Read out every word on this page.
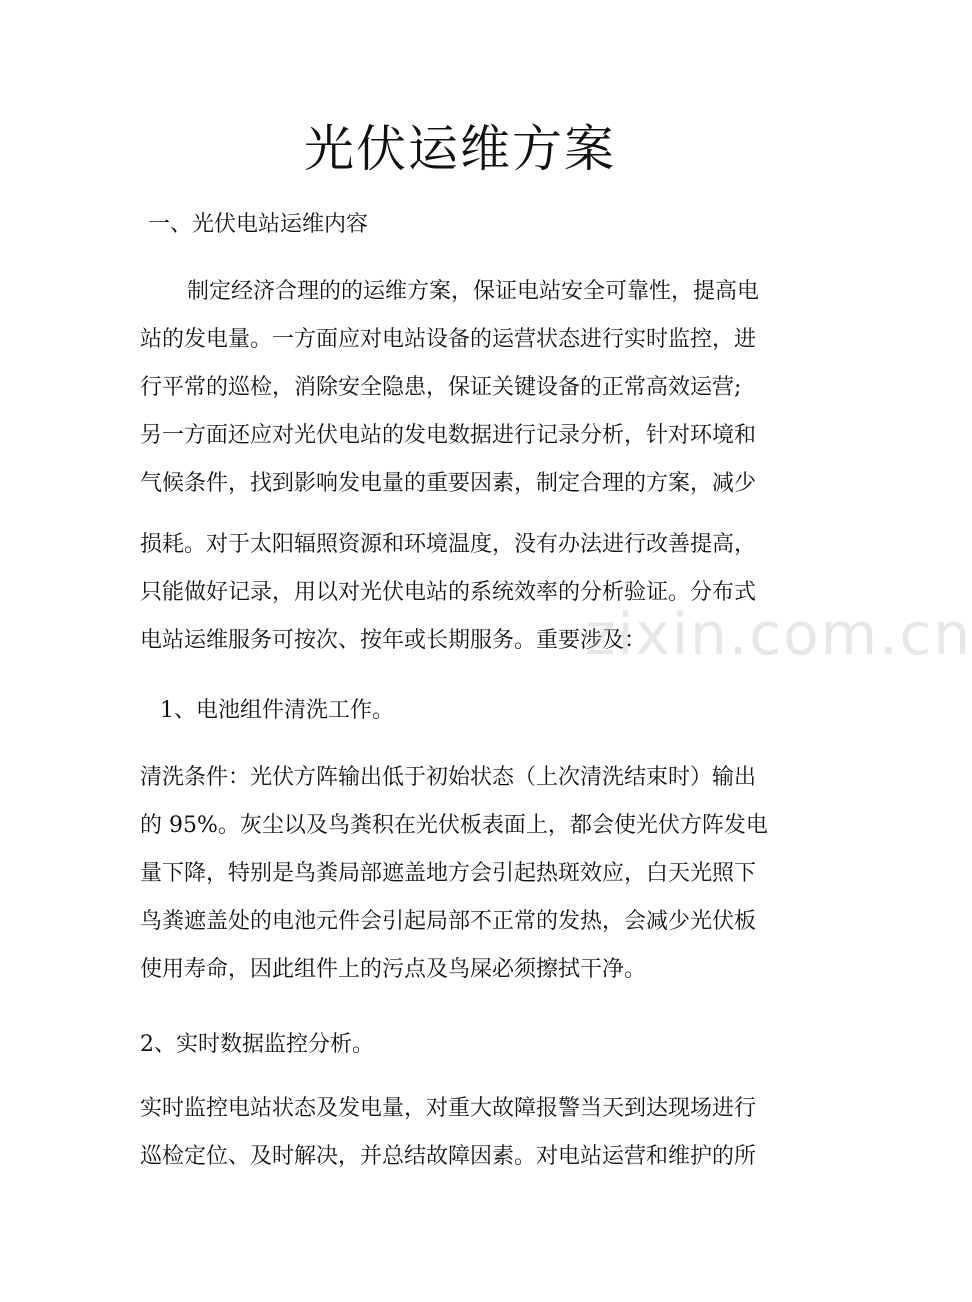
光伏运维方案

一、光伏电站运维内容

制定经济合理的的运维方案，保证电站安全可靠性，提高电

站的发电量。一方面应对电站设备的运营状态进行实时监控，进

行平常的巡检，消除安全隐患，保证关键设备的正常高效运营;

另一方面还应对光伏电站的发电数据进行记录分析，针对环境和

气候条件，找到影响发电量的重要因素，制定合理的方案，减少

损耗。对于太阳辐照资源和环境温度，没有办法进行改善提高，

只能做好记录，用以对光伏电站的系统效率的分析验证。分布式

电站运维服务可按次、按年或长期服务。重要涉及：

1、电池组件清洗工作。

清洗条件：光伏方阵输出低于初始状态（上次清洗结束时）输出

的 95%。灰尘以及鸟粪积在光伏板表面上，都会使光伏方阵发电

量下降，特别是鸟粪局部遮盖地方会引起热斑效应，白天光照下

鸟粪遮盖处的电池元件会引起局部不正常的发热，会减少光伏板

使用寿命，因此组件上的污点及鸟屎必须擦拭干净。

2、实时数据监控分析。

实时监控电站状态及发电量，对重大故障报警当天到达现场进行

巡检定位、及时解决，并总结故障因素。对电站运营和维护的所

zixin.com.cn
